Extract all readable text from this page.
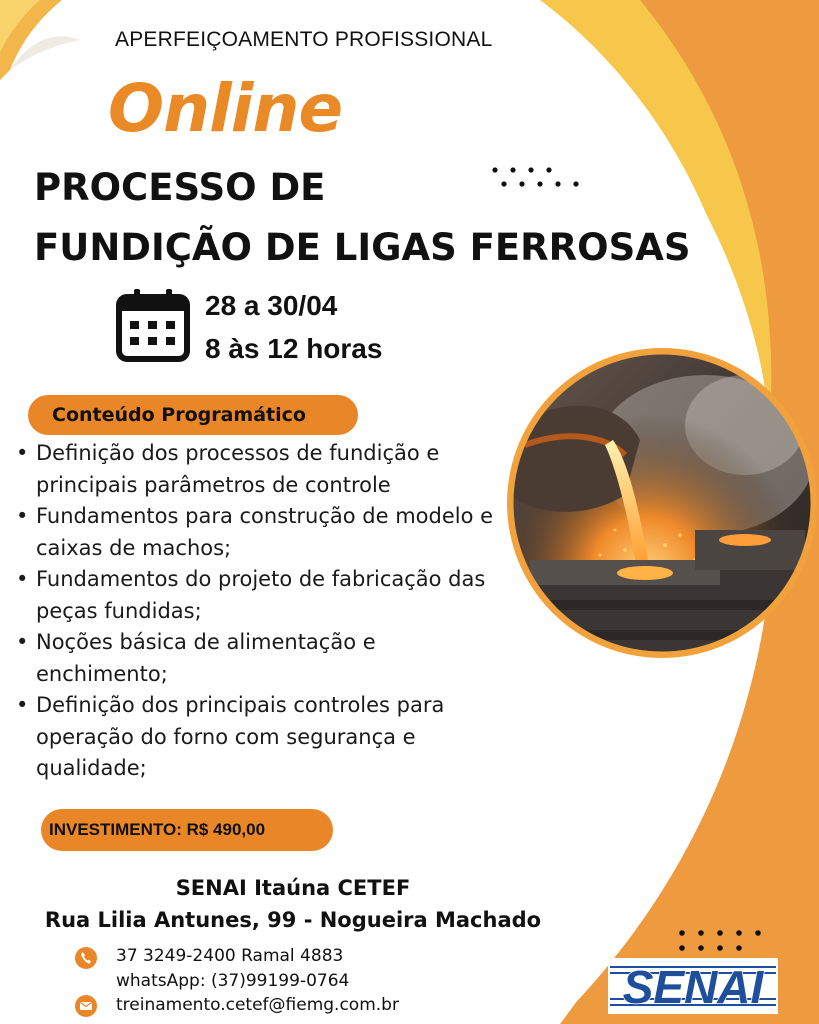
APERFEIÇOAMENTO PROFISSIONAL
Online
PROCESSO DE
FUNDIÇÃO DE LIGAS FERROSAS
28 a 30/04
8 às 12 horas
Conteúdo Programático
• Definição dos processos de fundição e principais parâmetros de controle
• Fundamentos para construção de modelo e caixas de machos;
• Fundamentos do projeto de fabricação das peças fundidas;
• Noções básica de alimentação e enchimento;
• Definição dos principais controles para operação do forno com segurança e qualidade;
INVESTIMENTO: R$ 490,00
SENAI Itaúna CETEF
Rua Lilia Antunes, 99 - Nogueira Machado
37 3249-2400 Ramal 4883
whatsApp: (37)99199-0764
treinamento.cetef@fiemg.com.br	SENAI
